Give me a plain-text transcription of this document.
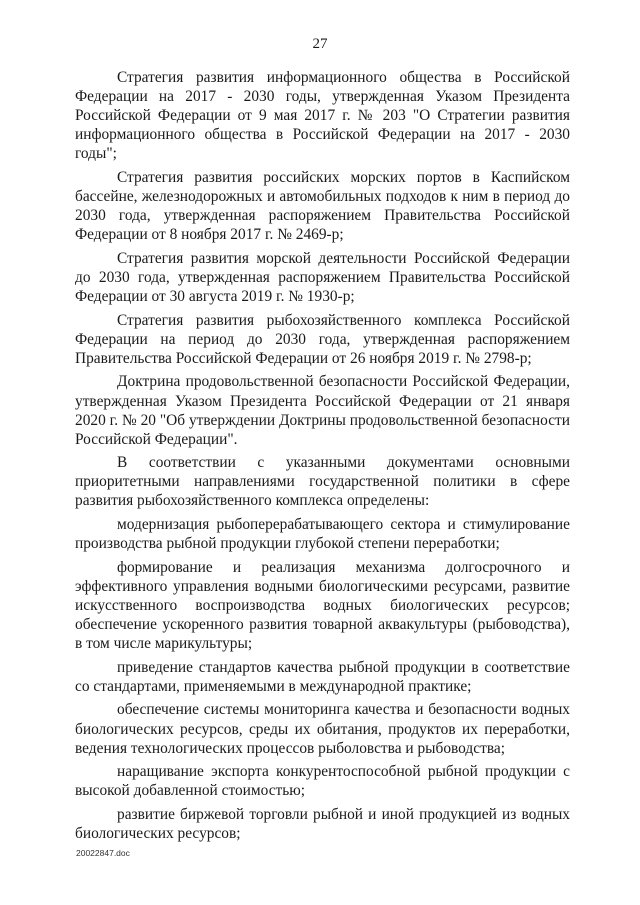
27

Стратегия развития информационного общества в Российской Федерации на 2017 - 2030 годы, утвержденная Указом Президента Российской Федерации от 9 мая 2017 г. № 203 "О Стратегии развития информационного общества в Российской Федерации на 2017 - 2030 годы";

Стратегия развития российских морских портов в Каспийском бассейне, железнодорожных и автомобильных подходов к ним в период до 2030 года, утвержденная распоряжением Правительства Российской Федерации от 8 ноября 2017 г. № 2469-р;

Стратегия развития морской деятельности Российской Федерации до 2030 года, утвержденная распоряжением Правительства Российской Федерации от 30 августа 2019 г. № 1930-р;

Стратегия развития рыбохозяйственного комплекса Российской Федерации на период до 2030 года, утвержденная распоряжением Правительства Российской Федерации от 26 ноября 2019 г. № 2798-р;

Доктрина продовольственной безопасности Российской Федерации, утвержденная Указом Президента Российской Федерации от 21 января 2020 г. № 20 "Об утверждении Доктрины продовольственной безопасности Российской Федерации".

В соответствии с указанными документами основными приоритетными направлениями государственной политики в сфере развития рыбохозяйственного комплекса определены:

модернизация рыбоперерабатывающего сектора и стимулирование производства рыбной продукции глубокой степени переработки;

формирование и реализация механизма долгосрочного и эффективного управления водными биологическими ресурсами, развитие искусственного воспроизводства водных биологических ресурсов; обеспечение ускоренного развития товарной аквакультуры (рыбоводства), в том числе марикультуры;

приведение стандартов качества рыбной продукции в соответствие со стандартами, применяемыми в международной практике;

обеспечение системы мониторинга качества и безопасности водных биологических ресурсов, среды их обитания, продуктов их переработки, ведения технологических процессов рыболовства и рыбоводства;

наращивание экспорта конкурентоспособной рыбной продукции с высокой добавленной стоимостью;

развитие биржевой торговли рыбной и иной продукцией из водных биологических ресурсов;

20022847.doc
